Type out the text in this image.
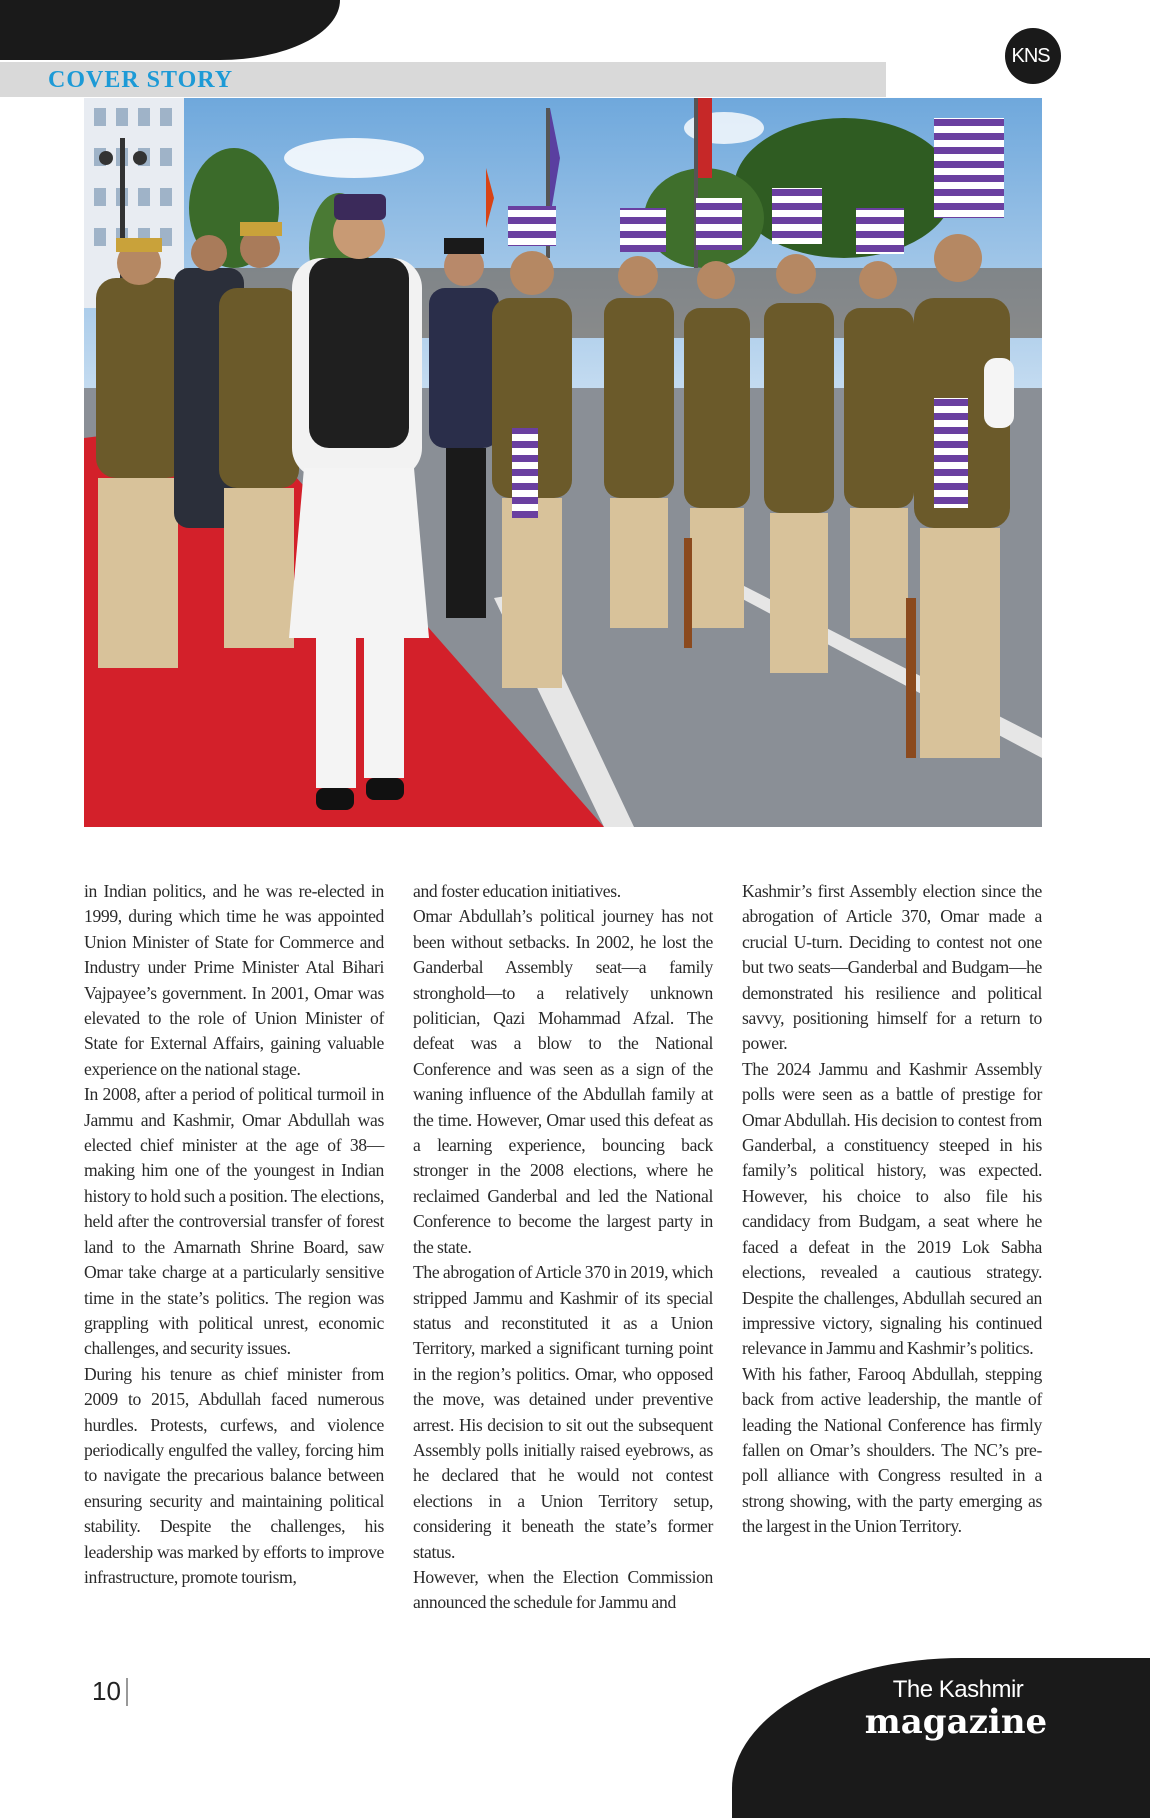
COVER STORY
KNS®

in Indian politics, and he was re-elected in 1999, during which time he was appointed Union Minister of State for Commerce and Industry under Prime Minister Atal Bihari Vajpayee’s government. In 2001, Omar was elevated to the role of Union Minister of State for External Affairs, gaining valuable experience on the national stage.

In 2008, after a period of political turmoil in Jammu and Kashmir, Omar Abdullah was elected chief minister at the age of 38—making him one of the youngest in Indian history to hold such a position. The elections, held after the controversial transfer of forest land to the Amarnath Shrine Board, saw Omar take charge at a particularly sensitive time in the state’s politics. The region was grappling with political unrest, economic challenges, and security issues.

During his tenure as chief minister from 2009 to 2015, Abdullah faced numerous hurdles. Protests, curfews, and violence periodically engulfed the valley, forcing him to navigate the precarious balance between ensuring security and maintaining political stability. Despite the challenges, his leadership was marked by efforts to improve infrastructure, promote tourism,

and foster education initiatives.

Omar Abdullah’s political journey has not been without setbacks. In 2002, he lost the Ganderbal Assembly seat—a family stronghold—to a relatively unknown politician, Qazi Mohammad Afzal. The defeat was a blow to the National Conference and was seen as a sign of the waning influence of the Abdullah family at the time. However, Omar used this defeat as a learning experience, bouncing back stronger in the 2008 elections, where he reclaimed Ganderbal and led the National Conference to become the largest party in the state.

The abrogation of Article 370 in 2019, which stripped Jammu and Kashmir of its special status and reconstituted it as a Union Territory, marked a significant turning point in the region’s politics. Omar, who opposed the move, was detained under preventive arrest. His decision to sit out the subsequent Assembly polls initially raised eyebrows, as he declared that he would not contest elections in a Union Territory setup, considering it beneath the state’s former status.

However, when the Election Commission announced the schedule for Jammu and

Kashmir’s first Assembly election since the abrogation of Article 370, Omar made a crucial U-turn. Deciding to contest not one but two seats—Ganderbal and Budgam—he demonstrated his resilience and political savvy, positioning himself for a return to power.

The 2024 Jammu and Kashmir Assembly polls were seen as a battle of prestige for Omar Abdullah. His decision to contest from Ganderbal, a constituency steeped in his family’s political history, was expected. However, his choice to also file his candidacy from Budgam, a seat where he faced a defeat in the 2019 Lok Sabha elections, revealed a cautious strategy. Despite the challenges, Abdullah secured an impressive victory, signaling his continued relevance in Jammu and Kashmir’s politics.

With his father, Farooq Abdullah, stepping back from active leadership, the mantle of leading the National Conference has firmly fallen on Omar’s shoulders. The NC’s pre-poll alliance with Congress resulted in a strong showing, with the party emerging as the largest in the Union Territory.

10	The Kashmir
magazine
